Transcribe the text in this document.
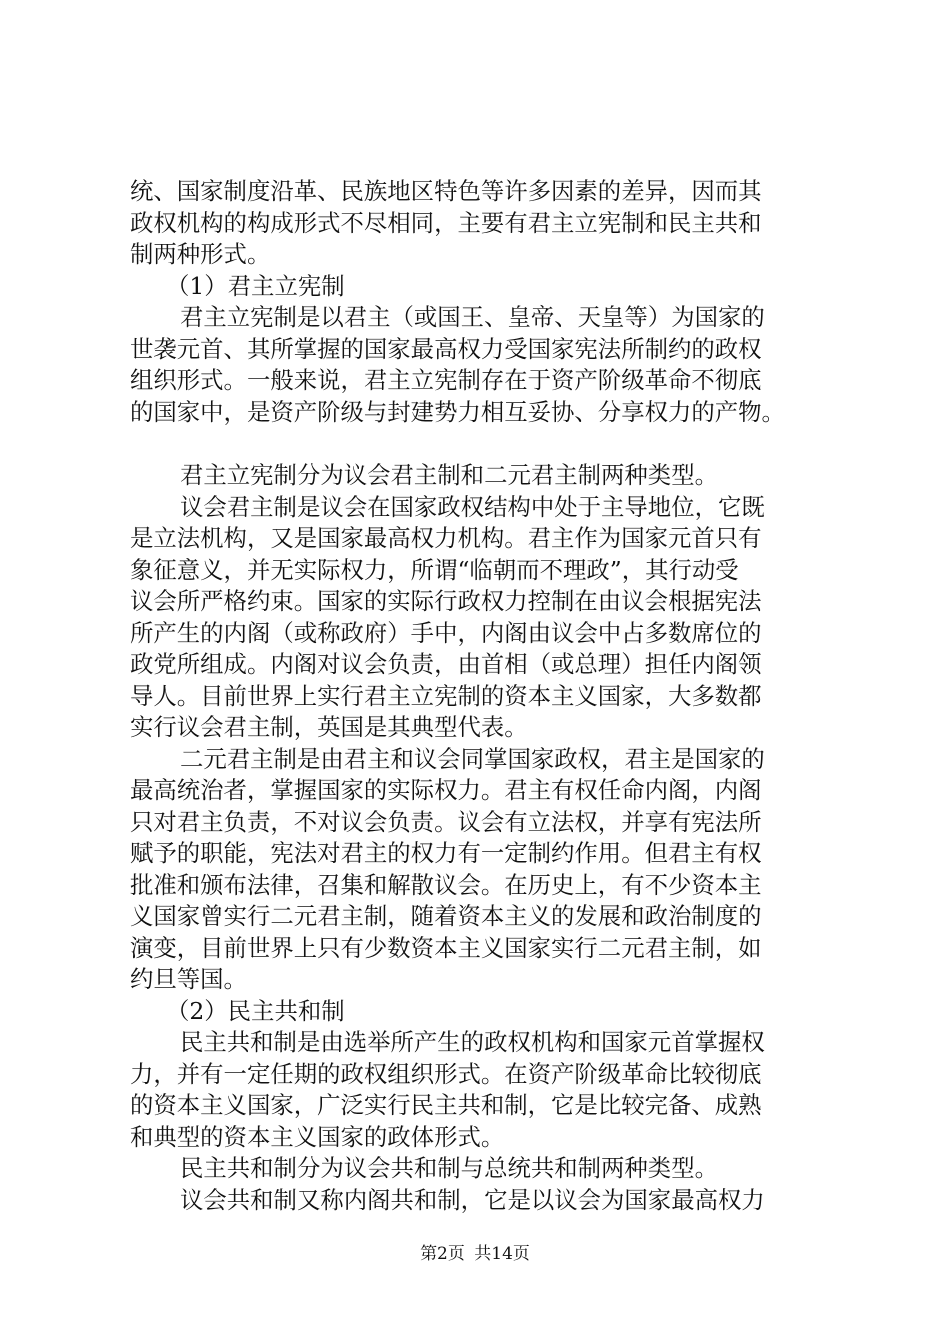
统、国家制度沿革、民族地区特色等许多因素的差异，因而其
政权机构的构成形式不尽相同，主要有君主立宪制和民主共和
制两种形式。
（1）君主立宪制
君主立宪制是以君主（或国王、皇帝、天皇等）为国家的
世袭元首、其所掌握的国家最高权力受国家宪法所制约的政权
组织形式。一般来说，君主立宪制存在于资产阶级革命不彻底
的国家中，是资产阶级与封建势力相互妥协、分享权力的产物。
君主立宪制分为议会君主制和二元君主制两种类型。
议会君主制是议会在国家政权结构中处于主导地位，它既
是立法机构，又是国家最高权力机构。君主作为国家元首只有
象征意义，并无实际权力，所谓“临朝而不理政”，其行动受
议会所严格约束。国家的实际行政权力控制在由议会根据宪法
所产生的内阁（或称政府）手中，内阁由议会中占多数席位的
政党所组成。内阁对议会负责，由首相（或总理）担任内阁领
导人。目前世界上实行君主立宪制的资本主义国家，大多数都
实行议会君主制，英国是其典型代表。
二元君主制是由君主和议会同掌国家政权，君主是国家的
最高统治者，掌握国家的实际权力。君主有权任命内阁，内阁
只对君主负责，不对议会负责。议会有立法权，并享有宪法所
赋予的职能，宪法对君主的权力有一定制约作用。但君主有权
批准和颁布法律，召集和解散议会。在历史上，有不少资本主
义国家曾实行二元君主制，随着资本主义的发展和政治制度的
演变，目前世界上只有少数资本主义国家实行二元君主制，如
约旦等国。
（2）民主共和制
民主共和制是由选举所产生的政权机构和国家元首掌握权
力，并有一定任期的政权组织形式。在资产阶级革命比较彻底
的资本主义国家，广泛实行民主共和制，它是比较完备、成熟
和典型的资本主义国家的政体形式。
民主共和制分为议会共和制与总统共和制两种类型。
议会共和制又称内阁共和制，它是以议会为国家最高权力
第2页 共14页
